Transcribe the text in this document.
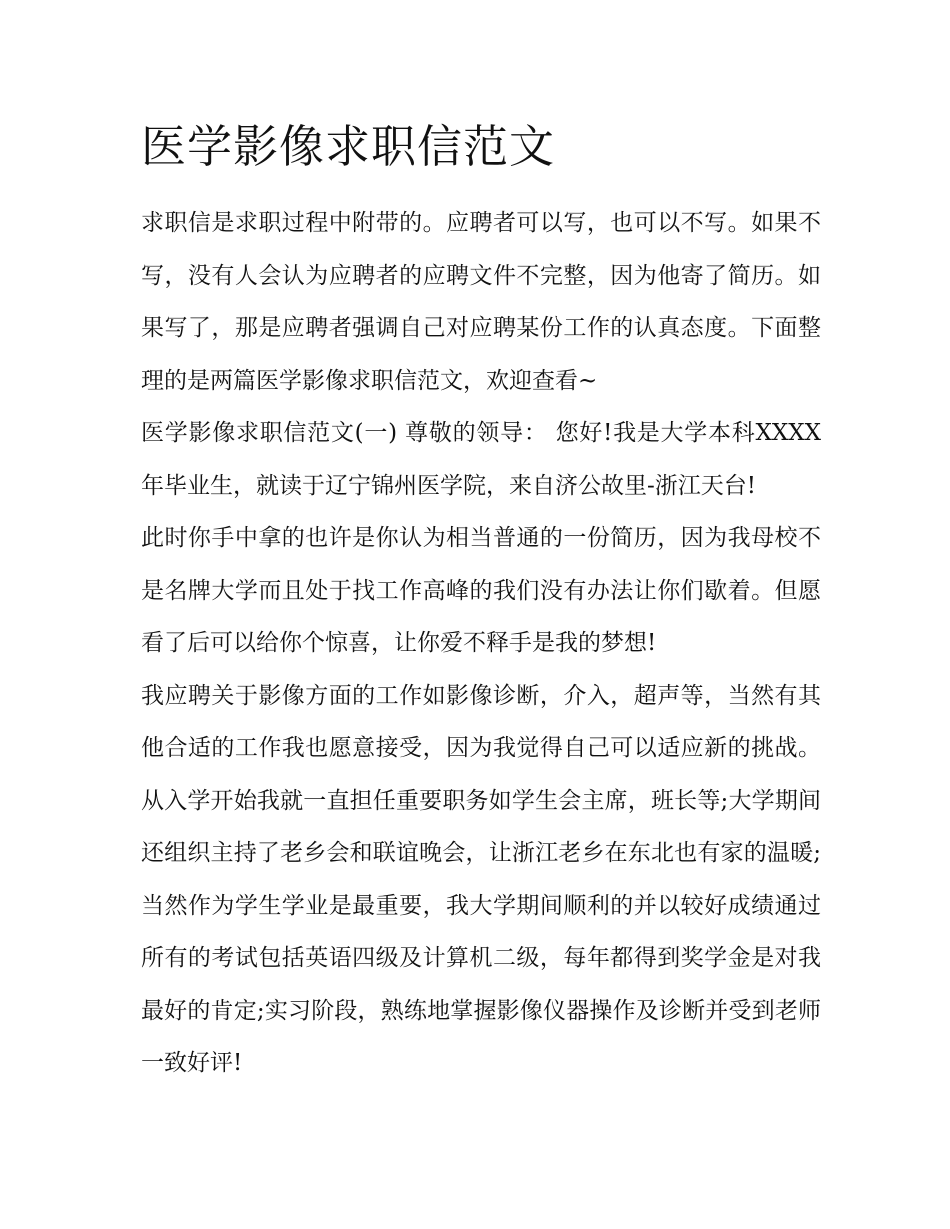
医学影像求职信范文

求职信是求职过程中附带的。应聘者可以写，也可以不写。如果不写，没有人会认为应聘者的应聘文件不完整，因为他寄了简历。如果写了，那是应聘者强调自己对应聘某份工作的认真态度。下面整理的是两篇医学影像求职信范文，欢迎查看~

医学影像求职信范文(一) 尊敬的领导： 您好!我是大学本科XXXX年毕业生，就读于辽宁锦州医学院，来自济公故里-浙江天台!

此时你手中拿的也许是你认为相当普通的一份简历，因为我母校不是名牌大学而且处于找工作高峰的我们没有办法让你们歇着。但愿看了后可以给你个惊喜，让你爱不释手是我的梦想!

我应聘关于影像方面的工作如影像诊断，介入，超声等，当然有其他合适的工作我也愿意接受，因为我觉得自己可以适应新的挑战。从入学开始我就一直担任重要职务如学生会主席，班长等;大学期间还组织主持了老乡会和联谊晚会，让浙江老乡在东北也有家的温暖;当然作为学生学业是最重要，我大学期间顺利的并以较好成绩通过所有的考试包括英语四级及计算机二级，每年都得到奖学金是对我最好的肯定;实习阶段，熟练地掌握影像仪器操作及诊断并受到老师一致好评!
